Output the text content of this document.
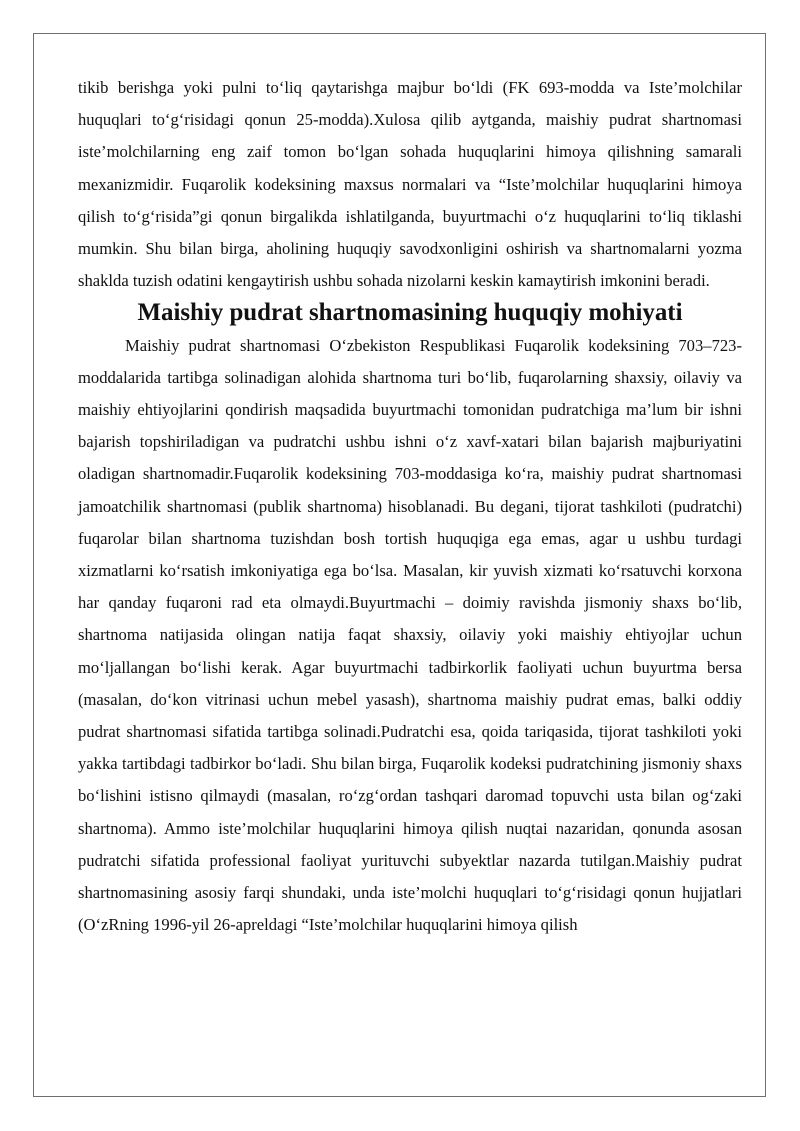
tikib berishga yoki pulni to‘liq qaytarishga majbur bo‘ldi (FK 693-modda va Iste’molchilar huquqlari to‘g‘risidagi qonun 25-modda).Xulosa qilib aytganda, maishiy pudrat shartnomasi iste’molchilarning eng zaif tomon bo‘lgan sohada huquqlarini himoya qilishning samarali mexanizmidir. Fuqarolik kodeksining maxsus normalari va “Iste’molchilar huquqlarini himoya qilish to‘g‘risida”gi qonun birgalikda ishlatilganda, buyurtmachi o‘z huquqlarini to‘liq tiklashi mumkin. Shu bilan birga, aholining huquqiy savodxonligini oshirish va shartnomalarni yozma shaklda tuzish odatini kengaytirish ushbu sohada nizolarni keskin kamaytirish imkonini beradi.

Maishiy pudrat shartnomasining huquqiy mohiyati

Maishiy pudrat shartnomasi O‘zbekiston Respublikasi Fuqarolik kodeksining 703–723-moddalarida tartibga solinadigan alohida shartnoma turi bo‘lib, fuqarolarning shaxsiy, oilaviy va maishiy ehtiyojlarini qondirish maqsadida buyurtmachi tomonidan pudratchiga ma’lum bir ishni bajarish topshiriladigan va pudratchi ushbu ishni o‘z xavf-xatari bilan bajarish majburiyatini oladigan shartnomadir.Fuqarolik kodeksining 703-moddasiga ko‘ra, maishiy pudrat shartnomasi jamoatchilik shartnomasi (publik shartnoma) hisoblanadi. Bu degani, tijorat tashkiloti (pudratchi) fuqarolar bilan shartnoma tuzishdan bosh tortish huquqiga ega emas, agar u ushbu turdagi xizmatlarni ko‘rsatish imkoniyatiga ega bo‘lsa. Masalan, kir yuvish xizmati ko‘rsatuvchi korxona har qanday fuqaroni rad eta olmaydi.Buyurtmachi – doimiy ravishda jismoniy shaxs bo‘lib, shartnoma natijasida olingan natija faqat shaxsiy, oilaviy yoki maishiy ehtiyojlar uchun mo‘ljallangan bo‘lishi kerak. Agar buyurtmachi tadbirkorlik faoliyati uchun buyurtma bersa (masalan, do‘kon vitrinasi uchun mebel yasash), shartnoma maishiy pudrat emas, balki oddiy pudrat shartnomasi sifatida tartibga solinadi.Pudratchi esa, qoida tariqasida, tijorat tashkiloti yoki yakka tartibdagi tadbirkor bo‘ladi. Shu bilan birga, Fuqarolik kodeksi pudratchining jismoniy shaxs bo‘lishini istisno qilmaydi (masalan, ro‘zg‘ordan tashqari daromad topuvchi usta bilan og‘zaki shartnoma). Ammo iste’molchilar huquqlarini himoya qilish nuqtai nazaridan, qonunda asosan pudratchi sifatida professional faoliyat yurituvchi subyektlar nazarda tutilgan.Maishiy pudrat shartnomasining asosiy farqi shundaki, unda iste’molchi huquqlari to‘g‘risidagi qonun hujjatlari (O‘zRning 1996-yil 26-apreldagi “Iste’molchilar huquqlarini himoya qilish
